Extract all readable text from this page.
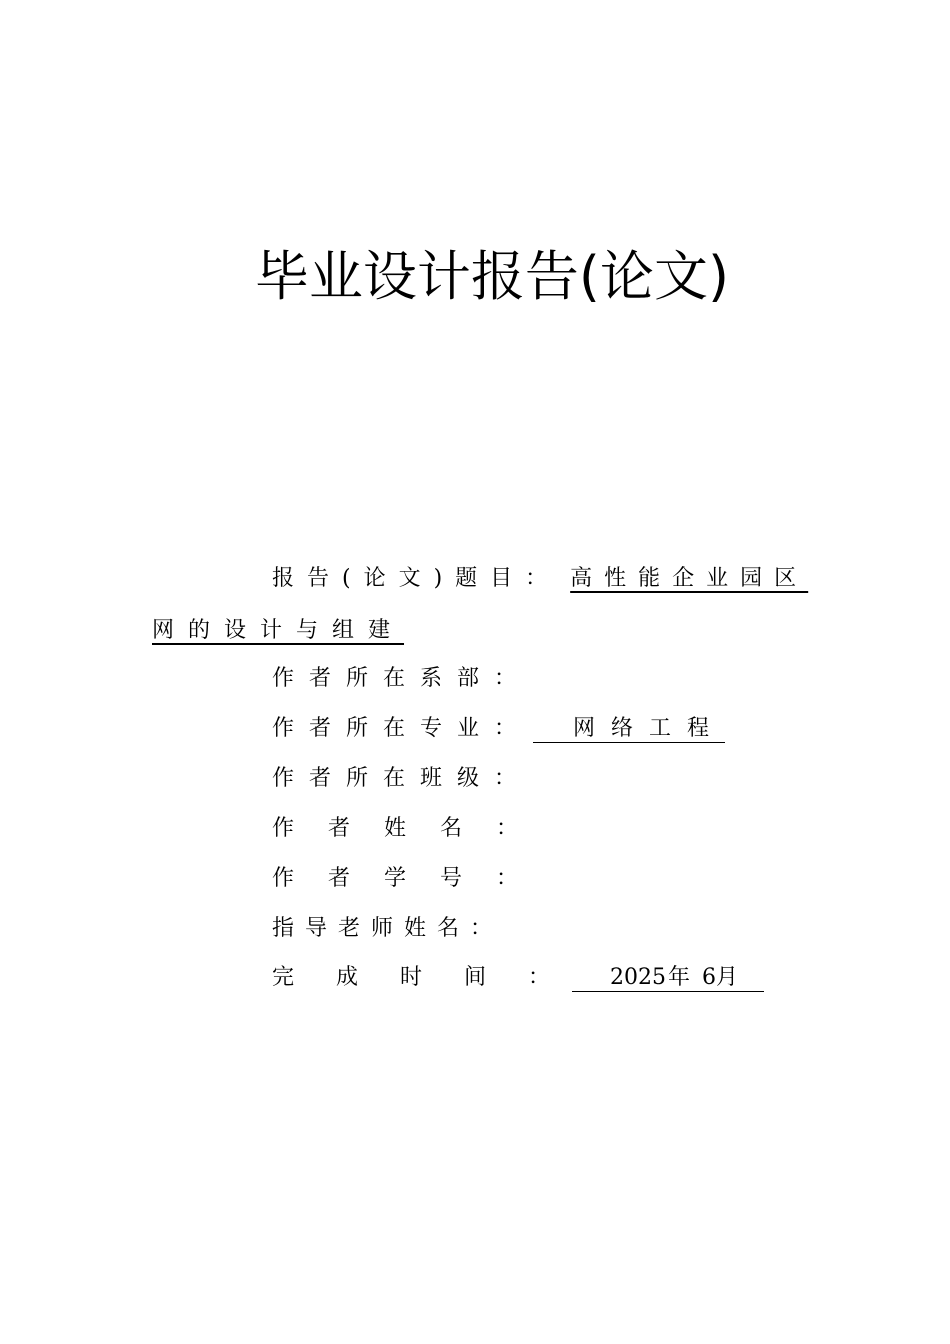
毕业设计报告(论文)
报告(论文)题目： 高性能企业园区
网的设计与组建
作者所在系部：
作者所在专业： 网络工程
作者所在班级：
作者姓名：
作者学号：
指导老师姓名：
完成时间： 2025年 6月
